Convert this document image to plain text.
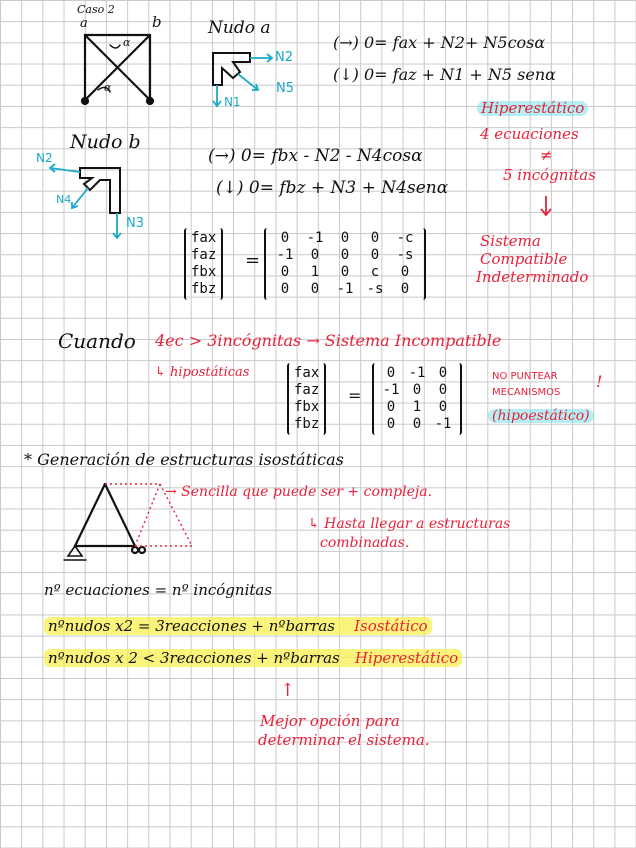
Caso 2
a	b
α
α
Nudo a
N2
N5
N1
(→) 0= fax + N2+ N5cosα
(↓) 0= faz + N1 + N5 senα
Hiperestático
4 ecuaciones
≠
5 incógnitas
Nudo b
N2
N4
N3
(→) 0= fbx - N2 - N4cosα
(↓) 0= fbz + N3 + N4senα
fax
faz
fbx
fbz
=
0 -1 0 0 -c
-1 0 0 0 -s
0 1 0 c 0
0 0 -1 -s 0
Sistema
Compatible
Indeterminado
Cuando 4ec > 3incógnitas → Sistema Incompatible
↳ hipostáticas	fax
faz
fbx
fbz
=
0 -1 0
-1 0 0
0 1 0
0 0 -1
NO PUNTEAR
MECANISMOS
!
(hipoestático)
* Generación de estructuras isostáticas
→ Sencilla que puede ser + compleja.
↳ Hasta llegar a estructuras
combinadas.
nº ecuaciones = nº incógnitas
nºnudos x2 = 3reacciones + nºbarras Isostático
nºnudos x 2 < 3reacciones + nºbarras Hiperestático
↑
Mejor opción para
determinar el sistema.
